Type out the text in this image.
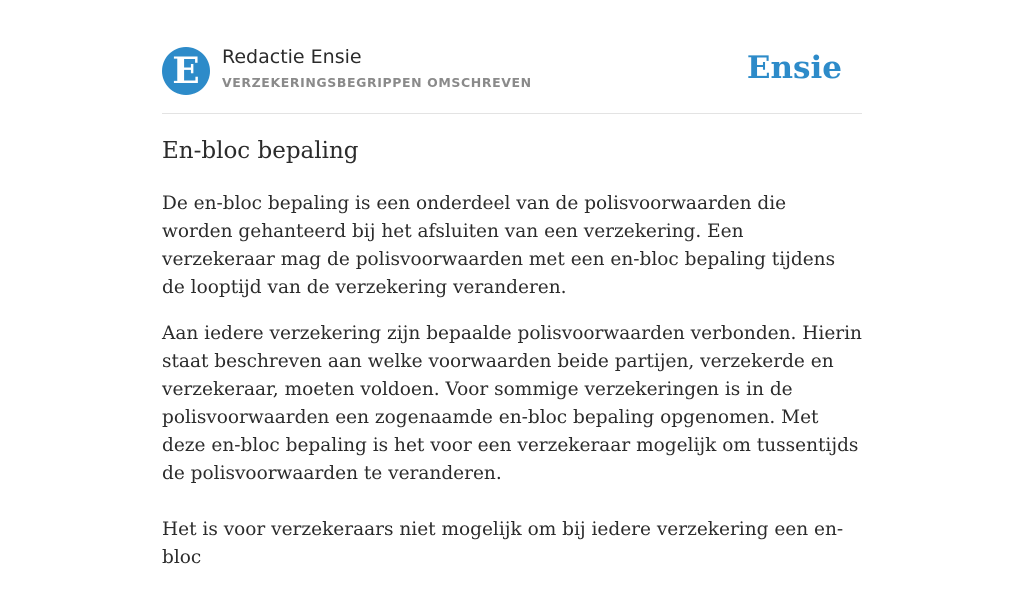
E	Redactie Ensie
VERZEKERINGSBEGRIPPEN OMSCHREVEN	Ensie
En-bloc bepaling

De en-bloc bepaling is een onderdeel van de polisvoorwaarden die worden gehanteerd bij het afsluiten van een verzekering. Een verzekeraar mag de polisvoorwaarden met een en-bloc bepaling tijdens de looptijd van de verzekering veranderen.

Aan iedere verzekering zijn bepaalde polisvoorwaarden verbonden. Hierin staat beschreven aan welke voorwaarden beide partijen, verzekerde en verzekeraar, moeten voldoen. Voor sommige verzekeringen is in de polisvoorwaarden een zogenaamde en-bloc bepaling opgenomen. Met deze en-bloc bepaling is het voor een verzekeraar mogelijk om tussentijds de polisvoorwaarden te veranderen.

Het is voor verzekeraars niet mogelijk om bij iedere verzekering een en-bloc
